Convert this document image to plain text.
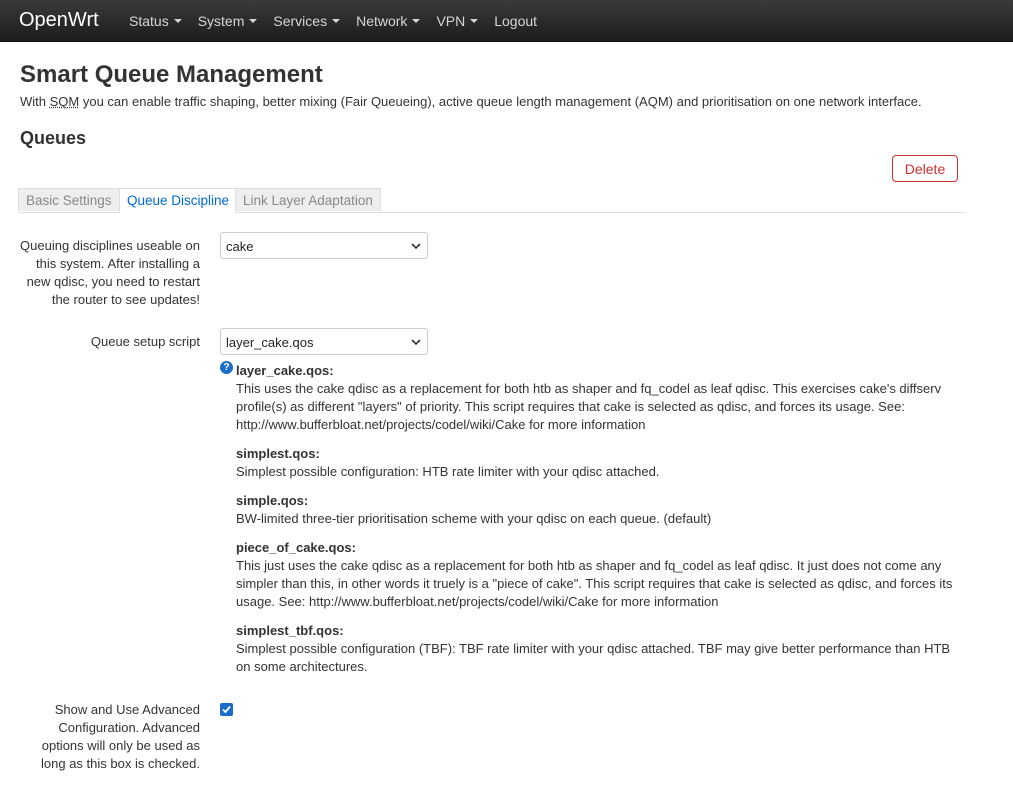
OpenWrt	Status	System	Services	Network	VPN	Logout
Smart Queue Management
With SQM you can enable traffic shaping, better mixing (Fair Queueing), active queue length management (AQM) and prioritisation on one network interface.
Queues
Delete
Basic Settings	Queue Discipline	Link Layer Adaptation
Queuing disciplines useable on this system. After installing a new qdisc, you need to restart the router to see updates!
cake
Queue setup script	layer_cake.qos
? layer_cake.qos:
This uses the cake qdisc as a replacement for both htb as shaper and fq_codel as leaf qdisc. This exercises cake's diffserv profile(s) as different "layers" of priority. This script requires that cake is selected as qdisc, and forces its usage. See: http://www.bufferbloat.net/projects/codel/wiki/Cake for more information
simplest.qos:
Simplest possible configuration: HTB rate limiter with your qdisc attached.
simple.qos:
BW-limited three-tier prioritisation scheme with your qdisc on each queue. (default)
piece_of_cake.qos:
This just uses the cake qdisc as a replacement for both htb as shaper and fq_codel as leaf qdisc. It just does not come any simpler than this, in other words it truely is a "piece of cake". This script requires that cake is selected as qdisc, and forces its usage. See: http://www.bufferbloat.net/projects/codel/wiki/Cake for more information
simplest_tbf.qos:
Simplest possible configuration (TBF): TBF rate limiter with your qdisc attached. TBF may give better performance than HTB on some architectures.
Show and Use Advanced Configuration. Advanced options will only be used as long as this box is checked.
